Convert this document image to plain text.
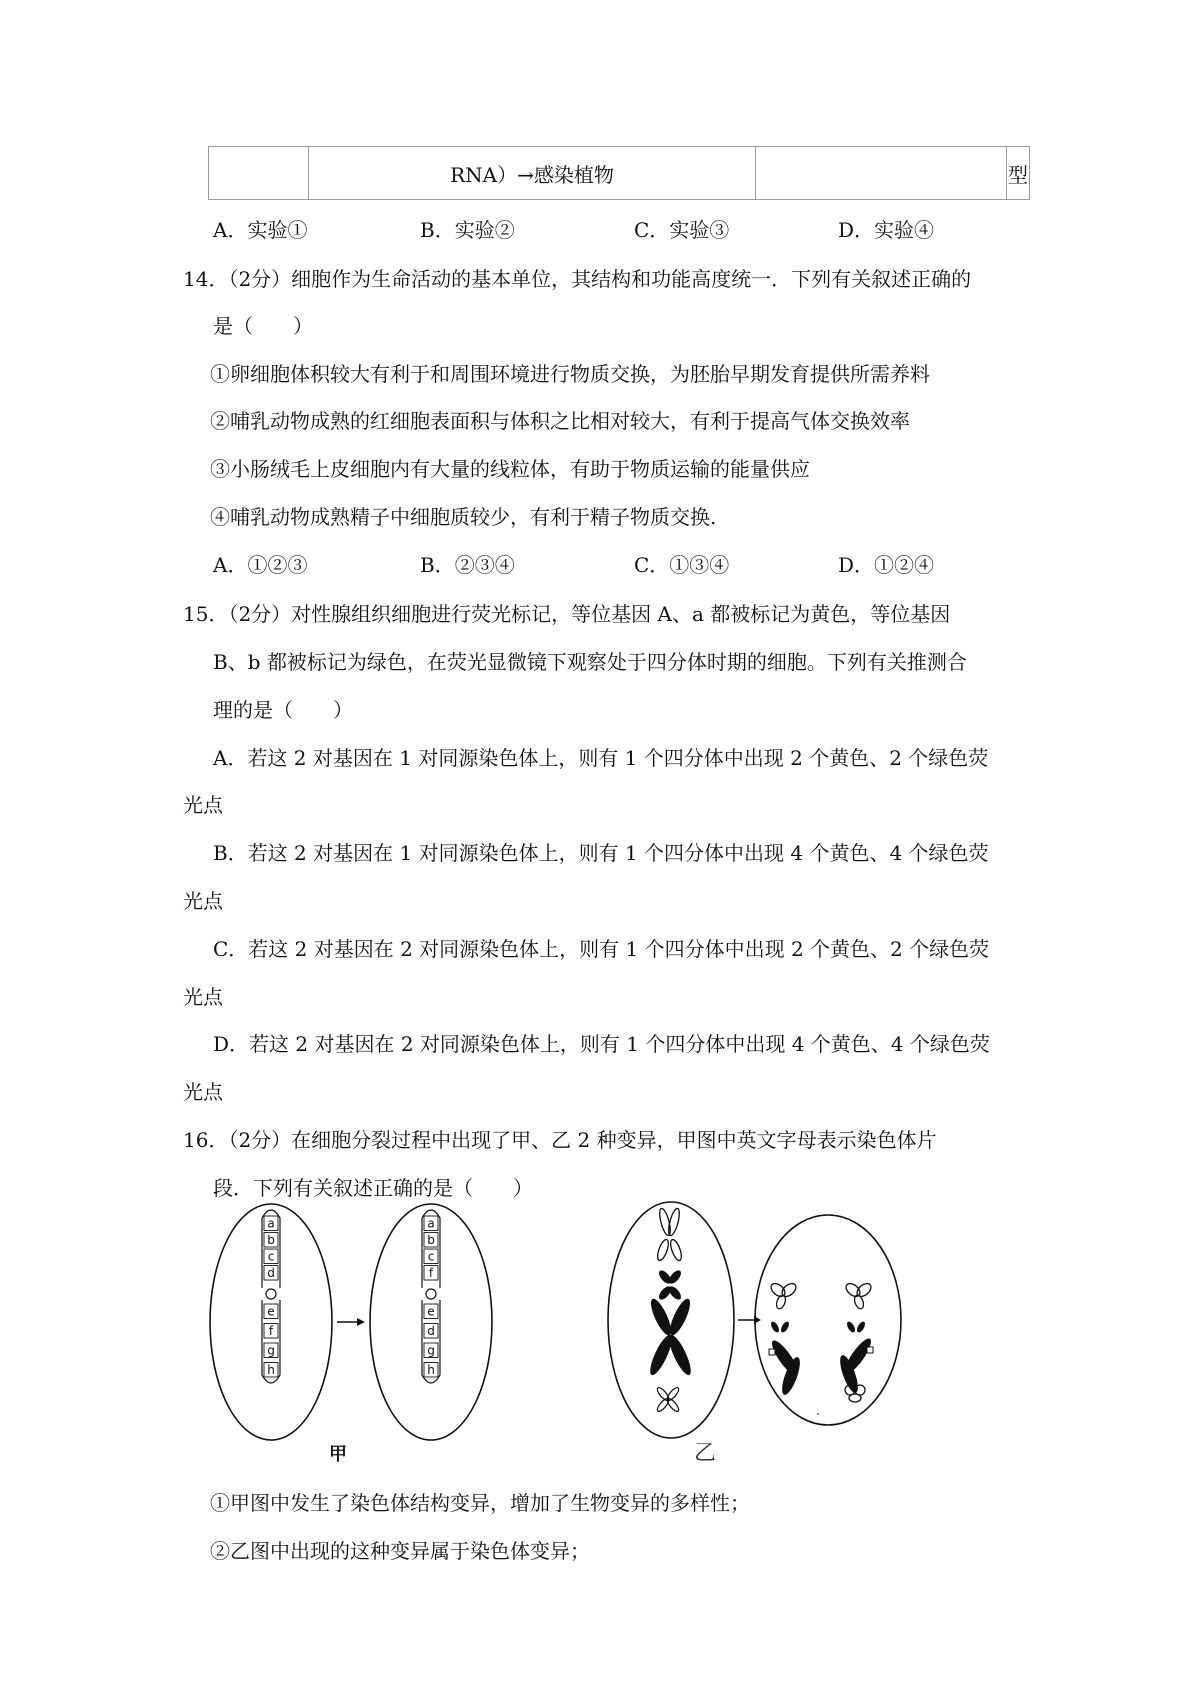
	RNA）→感染植物		型
A．实验①	B．实验②	C．实验③	D．实验④
14．（2分）细胞作为生命活动的基本单位，其结构和功能高度统一．下列有关叙述正确的
是（　　）
①卵细胞体积较大有利于和周围环境进行物质交换，为胚胎早期发育提供所需养料
②哺乳动物成熟的红细胞表面积与体积之比相对较大，有利于提高气体交换效率
③小肠绒毛上皮细胞内有大量的线粒体，有助于物质运输的能量供应
④哺乳动物成熟精子中细胞质较少，有利于精子物质交换.
A．①②③	B．②③④	C．①③④	D．①②④
15．（2分）对性腺组织细胞进行荧光标记，等位基因 A、a 都被标记为黄色，等位基因
B、b 都被标记为绿色，在荧光显微镜下观察处于四分体时期的细胞。下列有关推测合
理的是（　　）
A．若这 2 对基因在 1 对同源染色体上，则有 1 个四分体中出现 2 个黄色、2 个绿色荧
光点
B．若这 2 对基因在 1 对同源染色体上，则有 1 个四分体中出现 4 个黄色、4 个绿色荧
光点
C．若这 2 对基因在 2 对同源染色体上，则有 1 个四分体中出现 2 个黄色、2 个绿色荧
光点
D．若这 2 对基因在 2 对同源染色体上，则有 1 个四分体中出现 4 个黄色、4 个绿色荧
光点
16．（2分）在细胞分裂过程中出现了甲、乙 2 种变异，甲图中英文字母表示染色体片
段．下列有关叙述正确的是（　　）
a
b
c
d
e
f
g
h
a
b
c
f
e
d
g
h
甲	乙
①甲图中发生了染色体结构变异，增加了生物变异的多样性；
②乙图中出现的这种变异属于染色体变异；
